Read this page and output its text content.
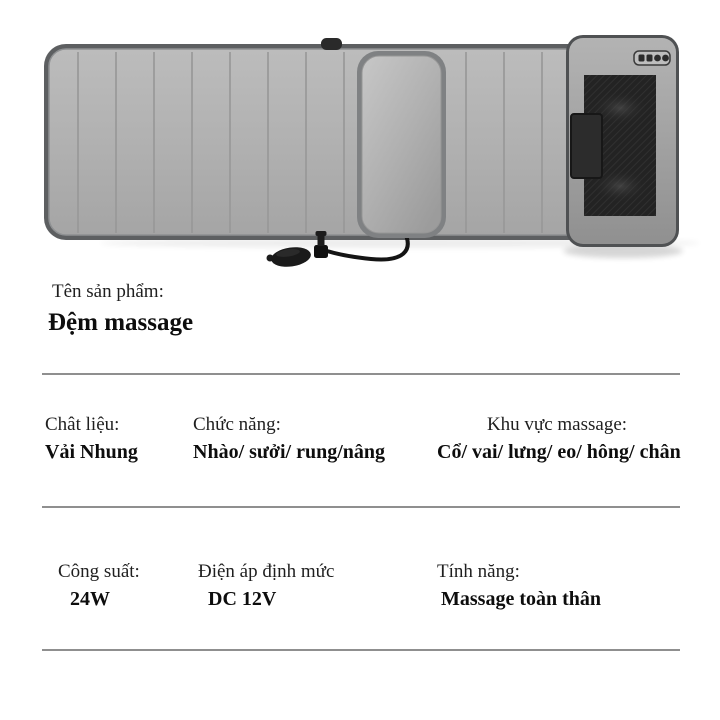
Tên sản phẩm:
Đệm massage
Chât liệu:
Vải Nhung
Chức năng:
Nhào/ sưởi/ rung/nâng
Khu vực massage:
Cổ/ vai/ lưng/ eo/ hông/ chân
Công suất:
24W
Điện áp định mức
DC 12V
Tính năng:
Massage toàn thân
